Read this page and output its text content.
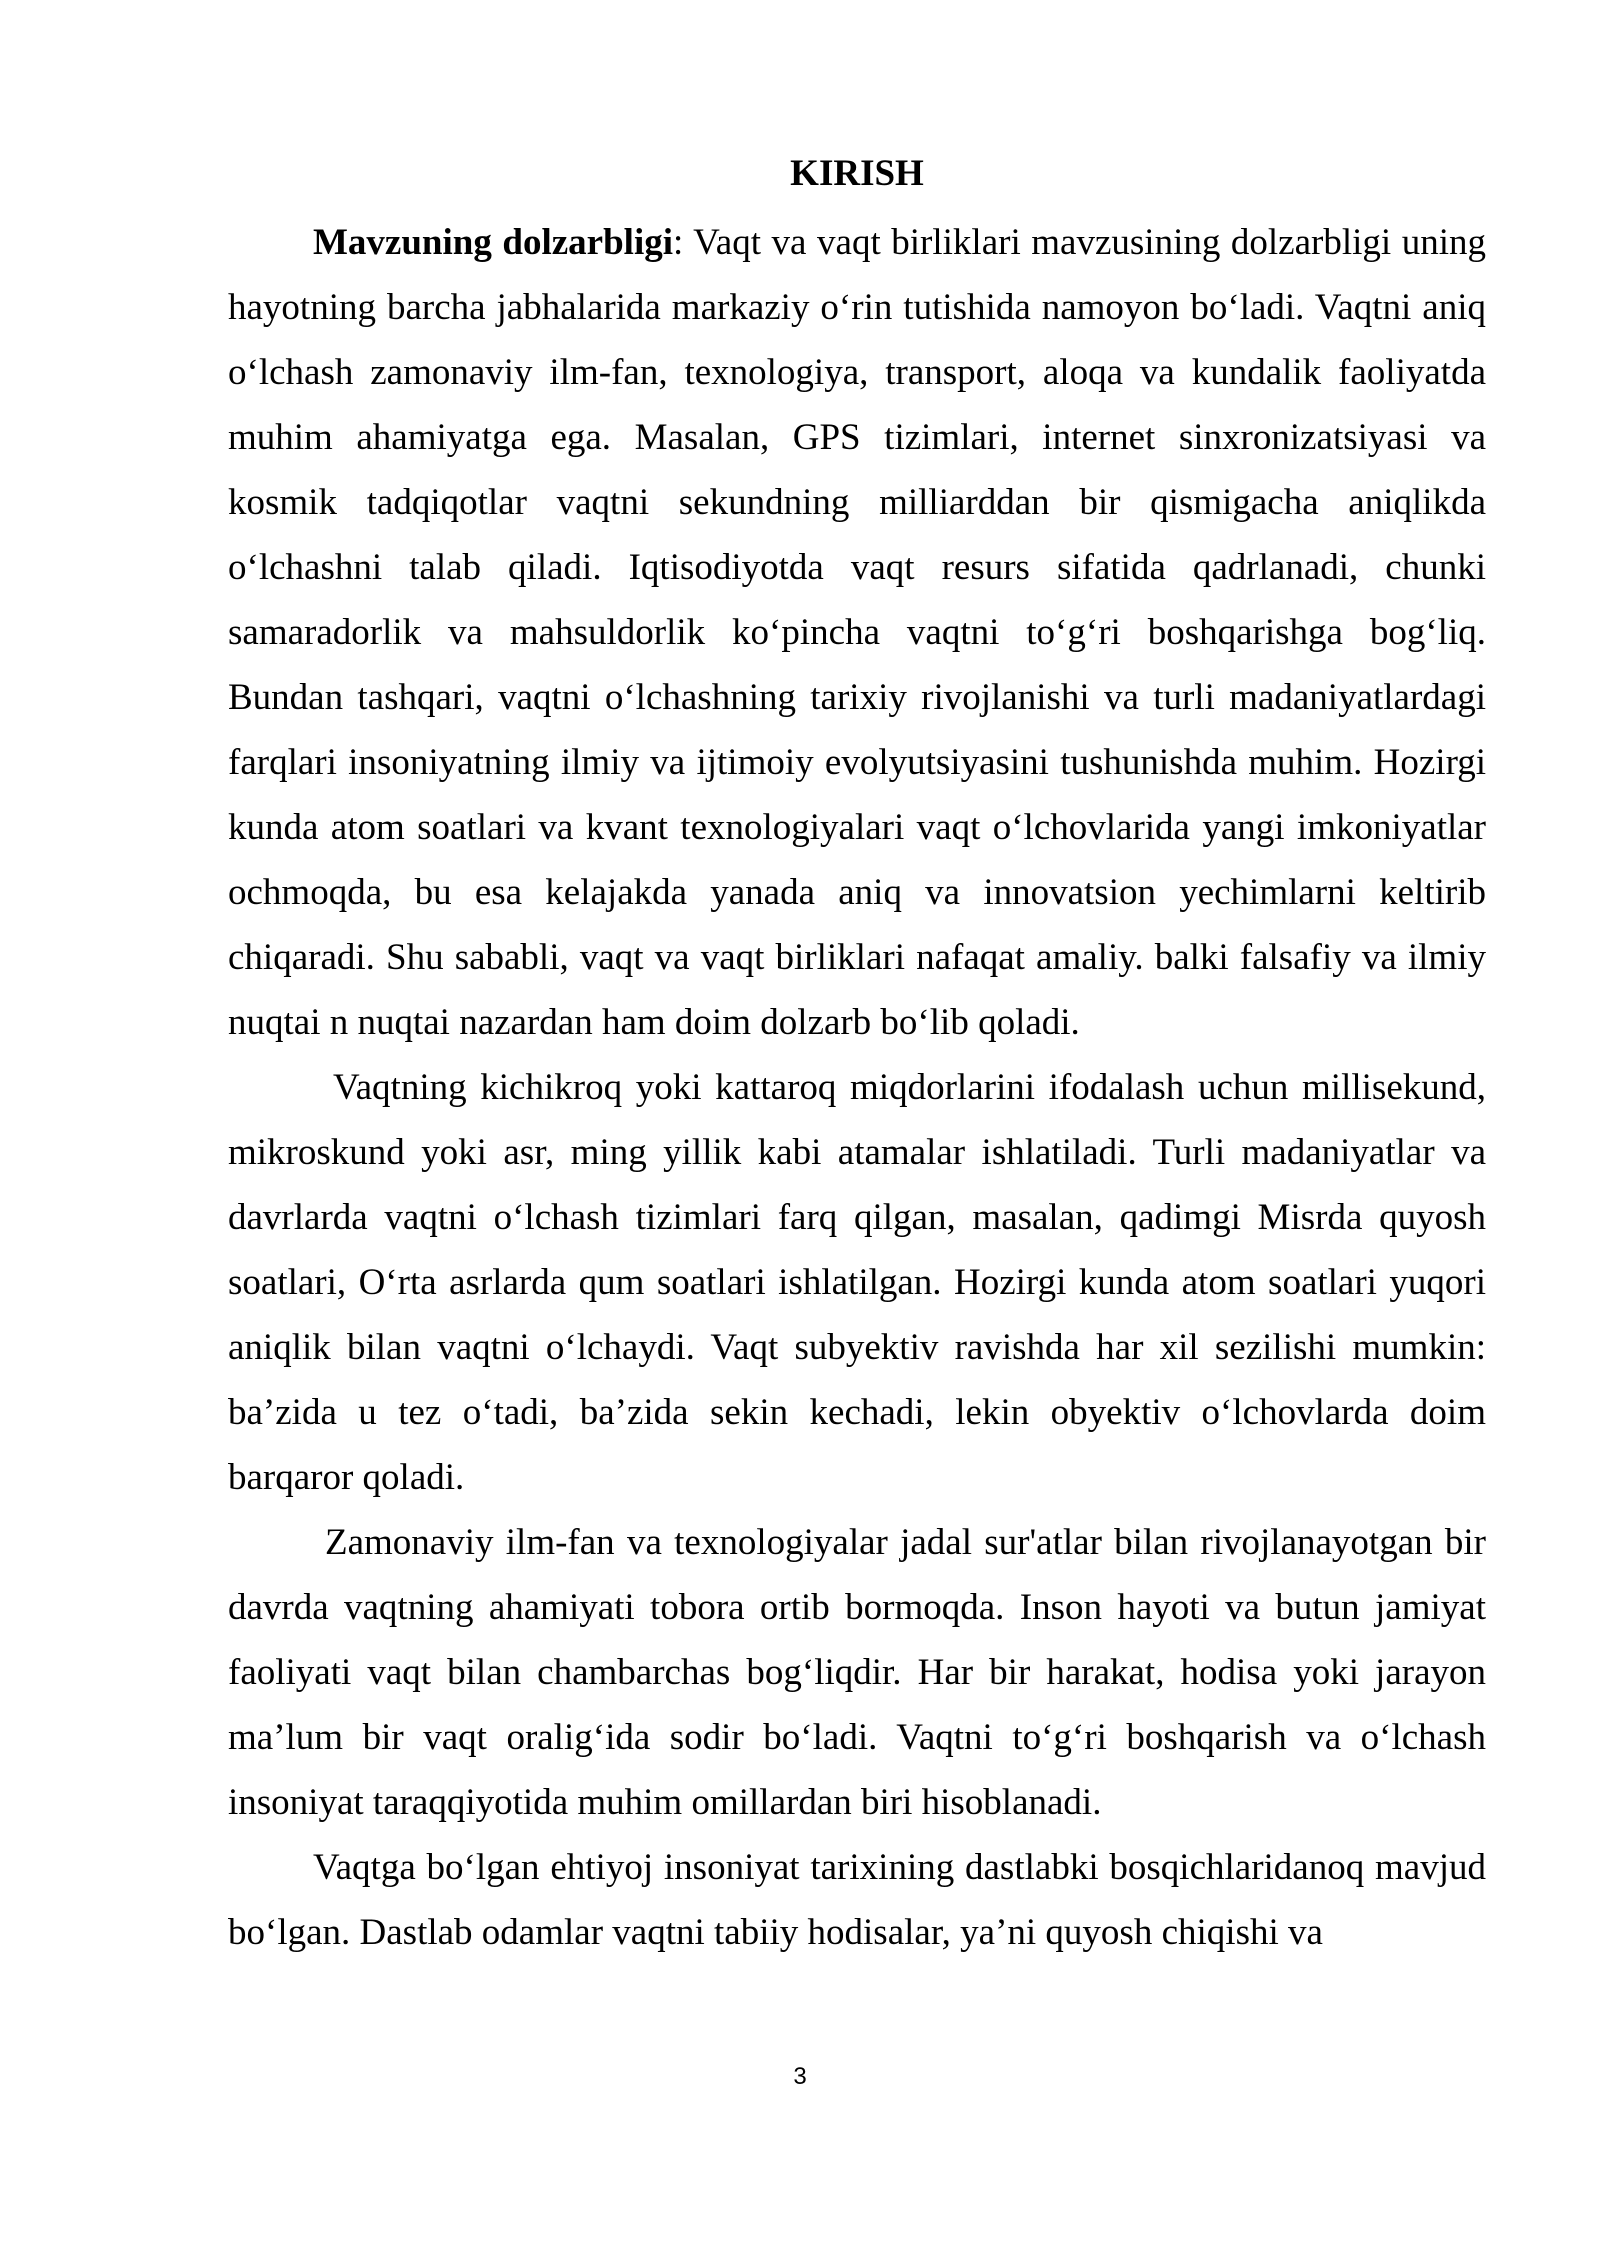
KIRISH

Mavzuning dolzarbligi: Vaqt va vaqt birliklari mavzusining dolzarbligi uning hayotning barcha jabhalarida markaziy o‘rin tutishida namoyon bo‘ladi. Vaqtni aniq o‘lchash zamonaviy ilm-fan, texnologiya, transport, aloqa va kundalik faoliyatda muhim ahamiyatga ega. Masalan, GPS tizimlari, internet sinxronizatsiyasi va kosmik tadqiqotlar vaqtni sekundning milliarddan bir qismigacha aniqlikda o‘lchashni talab qiladi. Iqtisodiyotda vaqt resurs sifatida qadrlanadi, chunki samaradorlik va mahsuldorlik ko‘pincha vaqtni to‘g‘ri boshqarishga bog‘liq. Bundan tashqari, vaqtni o‘lchashning tarixiy rivojlanishi va turli madaniyatlardagi farqlari insoniyatning ilmiy va ijtimoiy evolyutsiyasini tushunishda muhim. Hozirgi kunda atom soatlari va kvant texnologiyalari vaqt o‘lchovlarida yangi imkoniyatlar ochmoqda, bu esa kelajakda yanada aniq va innovatsion yechimlarni keltirib chiqaradi. Shu sababli, vaqt va vaqt birliklari nafaqat amaliy. balki falsafiy va ilmiy nuqtai n nuqtai nazardan ham doim dolzarb bo‘lib qoladi.

Vaqtning kichikroq yoki kattaroq miqdorlarini ifodalash uchun millisekund, mikroskund yoki asr, ming yillik kabi atamalar ishlatiladi. Turli madaniyatlar va davrlarda vaqtni o‘lchash tizimlari farq qilgan, masalan, qadimgi Misrda quyosh soatlari, O‘rta asrlarda qum soatlari ishlatilgan. Hozirgi kunda atom soatlari yuqori aniqlik bilan vaqtni o‘lchaydi. Vaqt subyektiv ravishda har xil sezilishi mumkin: ba’zida u tez o‘tadi, ba’zida sekin kechadi, lekin obyektiv o‘lchovlarda doim barqaror qoladi.

Zamonaviy ilm-fan va texnologiyalar jadal sur'atlar bilan rivojlanayotgan bir davrda vaqtning ahamiyati tobora ortib bormoqda. Inson hayoti va butun jamiyat faoliyati vaqt bilan chambarchas bog‘liqdir. Har bir harakat, hodisa yoki jarayon ma’lum bir vaqt oralig‘ida sodir bo‘ladi. Vaqtni to‘g‘ri boshqarish va o‘lchash insoniyat taraqqiyotida muhim omillardan biri hisoblanadi.

Vaqtga bo‘lgan ehtiyoj insoniyat tarixining dastlabki bosqichlaridanoq mavjud bo‘lgan. Dastlab odamlar vaqtni tabiiy hodisalar, ya’ni quyosh chiqishi va

3
